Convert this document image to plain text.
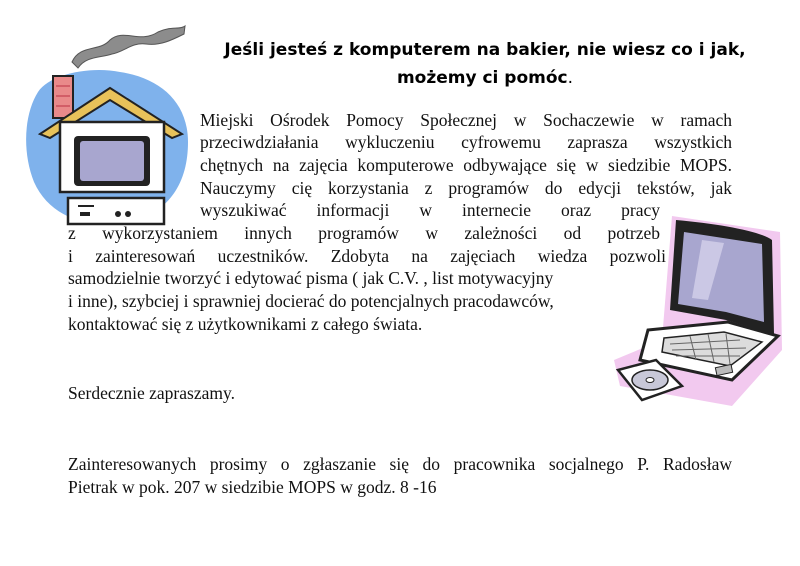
Jeśli jesteś z komputerem na bakier, nie wiesz co i jak,
możemy ci pomóc.
Miejski Ośrodek Pomocy Społecznej w Sochaczewie w ramach
przeciwdziałania wykluczeniu cyfrowemu zaprasza wszystkich
chętnych na zajęcia komputerowe odbywające się w siedzibie MOPS.
Nauczymy cię korzystania z programów do edycji tekstów, jak
wyszukiwać informacji w internecie oraz pracy
z wykorzystaniem innych programów w zależności od potrzeb
i zainteresowań uczestników. Zdobyta na zajęciach wiedza pozwoli
samodzielnie tworzyć i edytować pisma ( jak C.V. , list motywacyjny
i inne), szybciej i sprawniej docierać do potencjalnych pracodawców,
kontaktować się z użytkownikami z całego świata.
Serdecznie zapraszamy.
Zainteresowanych prosimy o zgłaszanie się do pracownika socjalnego P. Radosław
Pietrak w pok. 207 w siedzibie MOPS w godz. 8 -16
